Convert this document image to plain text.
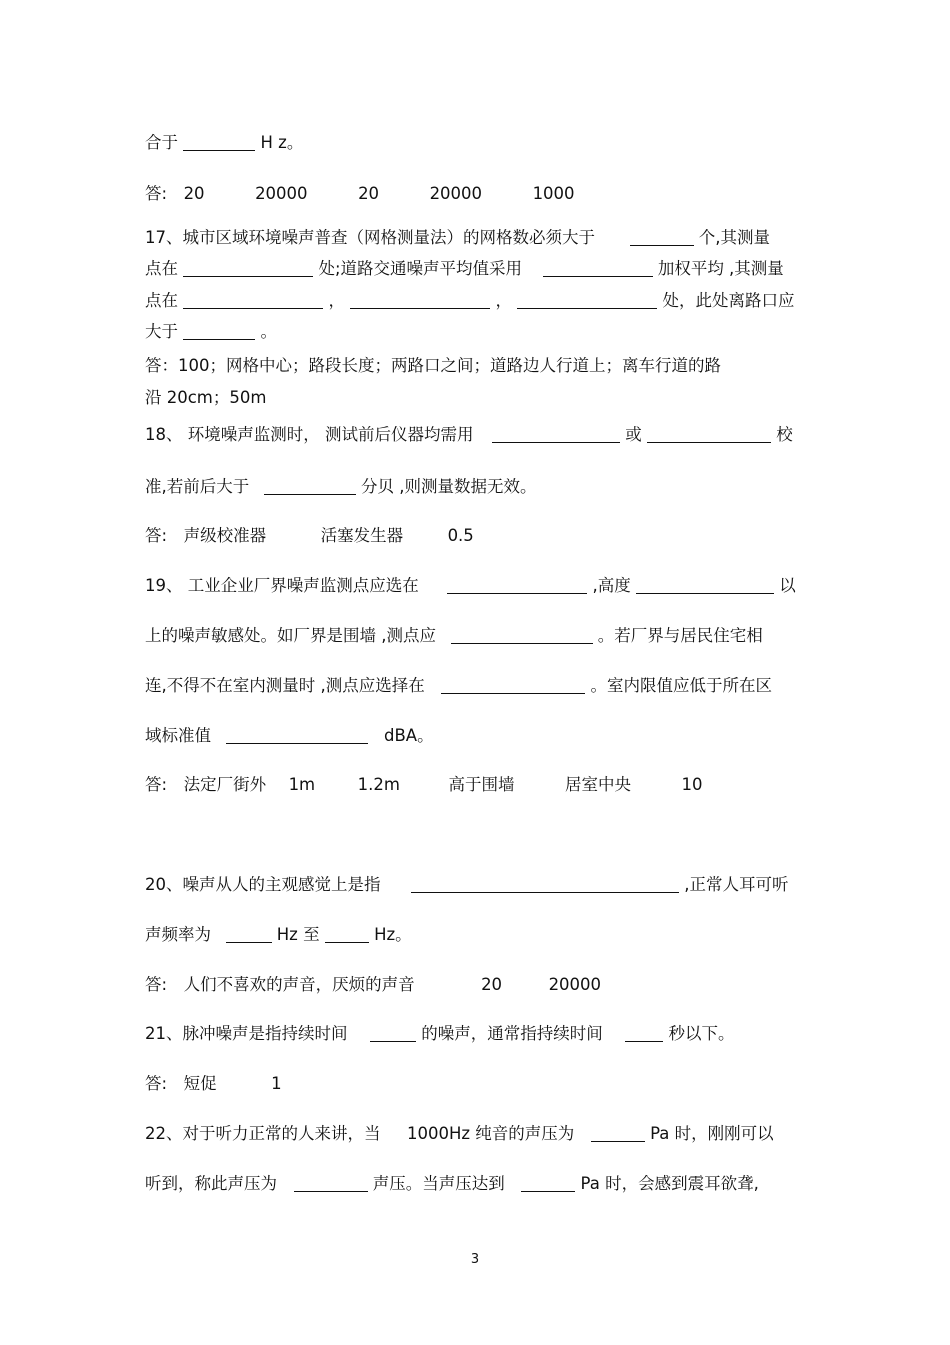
合于	H z。
答: 20	20000	20	20000	1000
17、城市区域环境噪声普查（网格测量法）的网格数必须大于	个,其测量
点在	处;道路交通噪声平均值采用	加权平均 ,其测量
点在	，	，	处，此处离路口应
大于	。
答：100；网格中心；路段长度；两路口之间；道路边人行道上；离车行道的路
沿 20cm；50m
18、 环境噪声监测时， 测试前后仪器均需用	或	校
准,若前后大于	分贝 ,则测量数据无效。
答: 声级校准器	活塞发生器	0.5
19、 工业企业厂界噪声监测点应选在	,高度	以
上的噪声敏感处。如厂界是围墙 ,测点应	。若厂界与居民住宅相
连,不得不在室内测量时 ,测点应选择在	。室内限值应低于所在区
域标准值	dBA。
答: 法定厂街外 1m	1.2m	高于围墙	居室中央	10
20、噪声从人的主观感觉上是指	,正常人耳可听
声频率为	Hz 至	Hz。
答: 人们不喜欢的声音，厌烦的声音	20	20000
21、脉冲噪声是指持续时间	的噪声，通常指持续时间	秒以下。
答: 短促	1
22、对于听力正常的人来讲，当 1000Hz 纯音的声压为	Pa 时，刚刚可以
听到，称此声压为	声压。当声压达到	Pa 时，会感到震耳欲聋,
3
